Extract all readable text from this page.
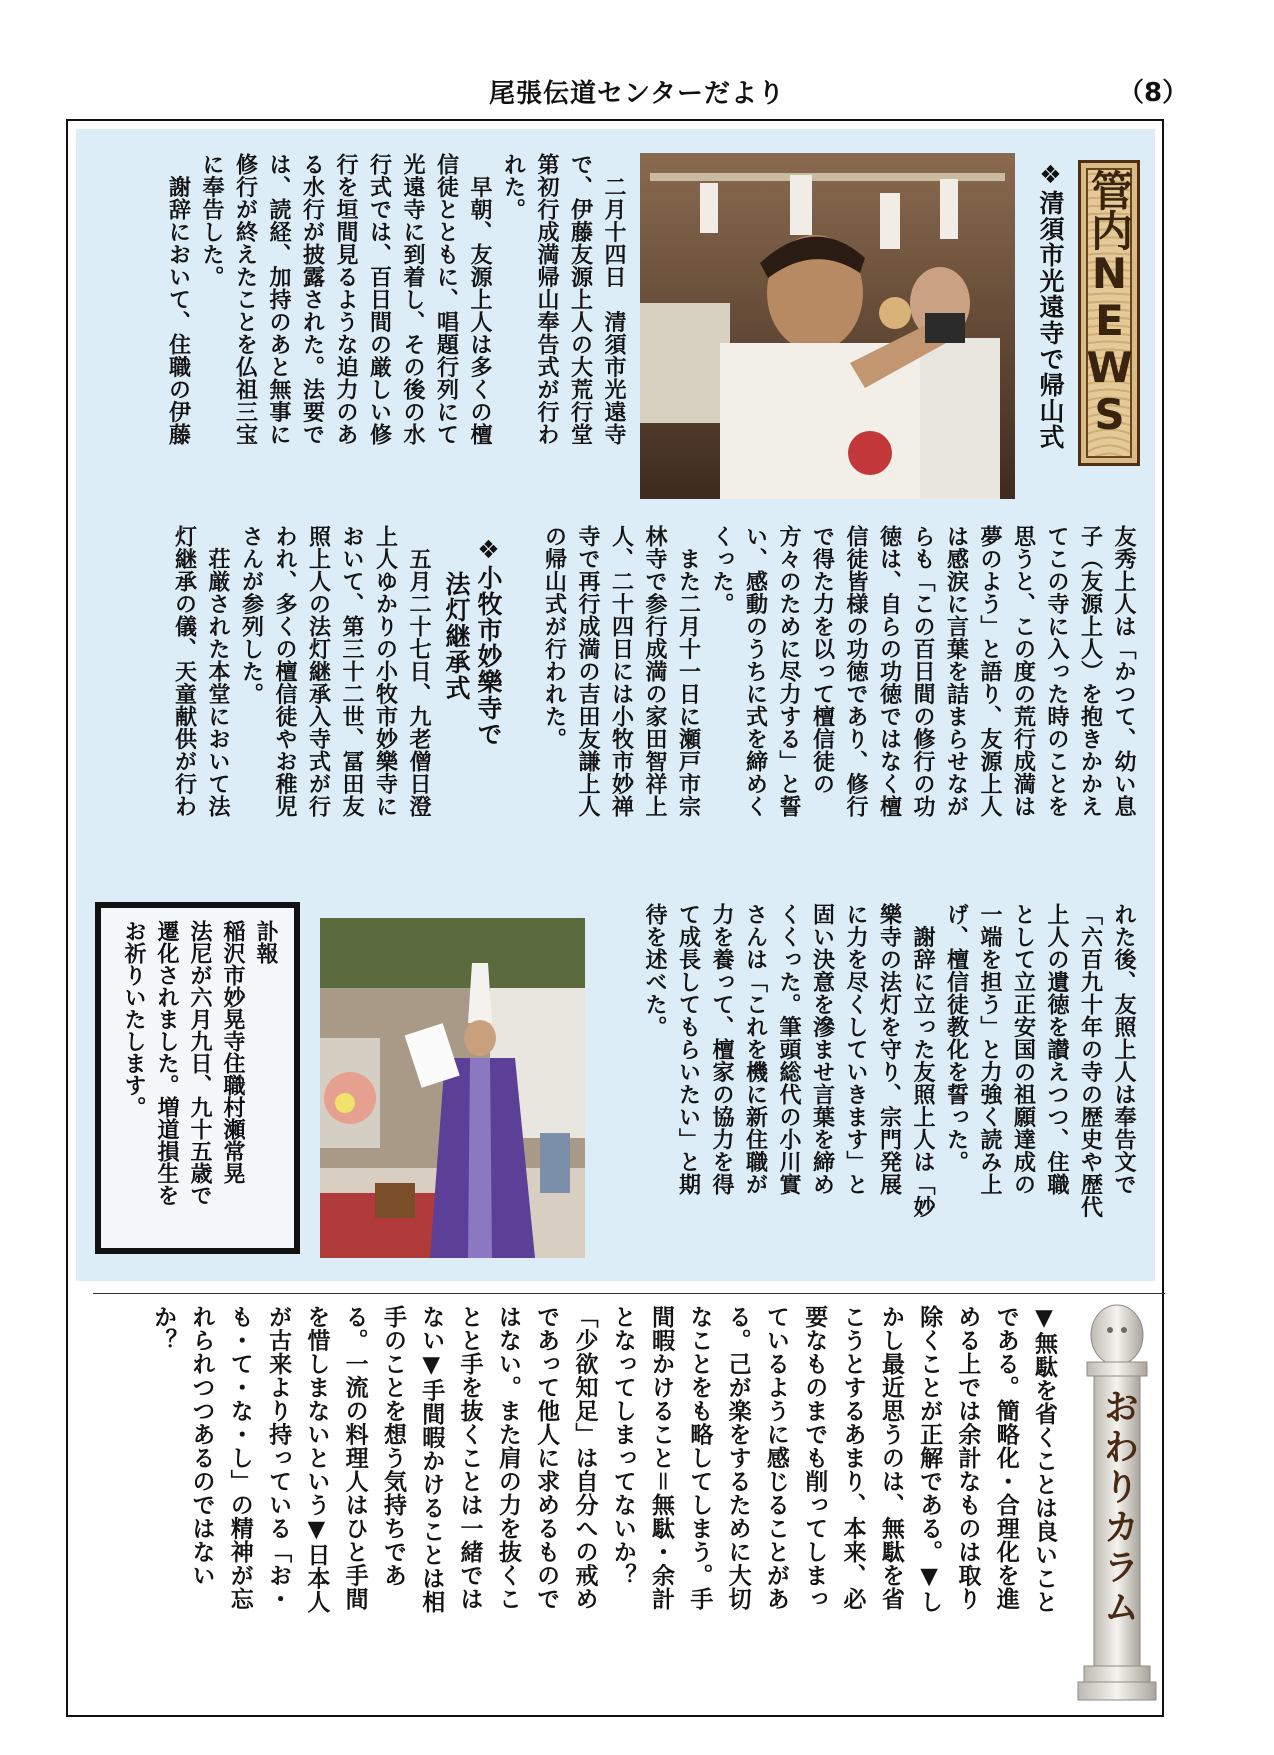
尾張伝道センターだより	（8）
管内NEWS
❖清須市光遠寺で帰山式
　二月十四日　清須市光遠寺
で、伊藤友源上人の大荒行堂
第初行成満帰山奉告式が行わ
れた。
　早朝、友源上人は多くの檀
信徒とともに、唱題行列にて
光遠寺に到着し、その後の水
行式では、百日間の厳しい修
行を垣間見るような迫力のあ
る水行が披露された。法要で
は、読経、加持のあと無事に
修行が終えたことを仏祖三宝
に奉告した。
　謝辞において、住職の伊藤
友秀上人は「かつて、幼い息
子（友源上人）を抱きかかえ
てこの寺に入った時のことを
思うと、この度の荒行成満は
夢のよう」と語り、友源上人
は感涙に言葉を詰まらせなが
らも「この百日間の修行の功
徳は、自らの功徳ではなく檀
信徒皆様の功徳であり、修行
で得た力を以って檀信徒の
方々のために尽力する」と誓
い、感動のうちに式を締めく
くった。
　また二月十一日に瀬戸市宗
林寺で参行成満の家田智祥上
人、二十四日には小牧市妙禅
寺で再行成満の吉田友謙上人
の帰山式が行われた。
❖小牧市妙樂寺で
法灯継承式
　五月二十七日、九老僧日澄
上人ゆかりの小牧市妙樂寺に
おいて、第三十二世、冨田友
照上人の法灯継承入寺式が行
われ、多くの檀信徒やお稚児
さんが参列した。
　荘厳された本堂において法
灯継承の儀、天童献供が行わ
れた後、友照上人は奉告文で
「六百九十年の寺の歴史や歴代
上人の遺徳を讃えつつ、住職
として立正安国の祖願達成の
一端を担う」と力強く読み上
げ、檀信徒教化を誓った。
　謝辞に立った友照上人は「妙
樂寺の法灯を守り、宗門発展
に力を尽くしていきます」と
固い決意を滲ませ言葉を締め
くくった。筆頭総代の小川實
さんは「これを機に新住職が
力を養って、檀家の協力を得
て成長してもらいたい」と期
待を述べた。
訃報
稲沢市妙晃寺住職村瀬常晃
法尼が六月九日、九十五歳で
遷化されました。増道損生を
お祈りいたします。
おわりカラム
▼無駄を省くことは良いこと
である。簡略化・合理化を進
める上では余計なものは取り
除くことが正解である。▼し
かし最近思うのは、無駄を省
こうとするあまり、本来、必
要なものまでも削ってしまっ
ているように感じることがあ
る。己が楽をするために大切
なことをも略してしまう。手
間暇かけること＝無駄・余計
となってしまってないか？
「少欲知足」は自分への戒め
であって他人に求めるもので
はない。また肩の力を抜くこ
とと手を抜くことは一緒では
ない▼手間暇かけることは相
手のことを想う気持ちであ
る。一流の料理人はひと手間
を惜しまないという▼日本人
が古来より持っている「お・
も・て・な・し」の精神が忘
れられつつあるのではない
か？
